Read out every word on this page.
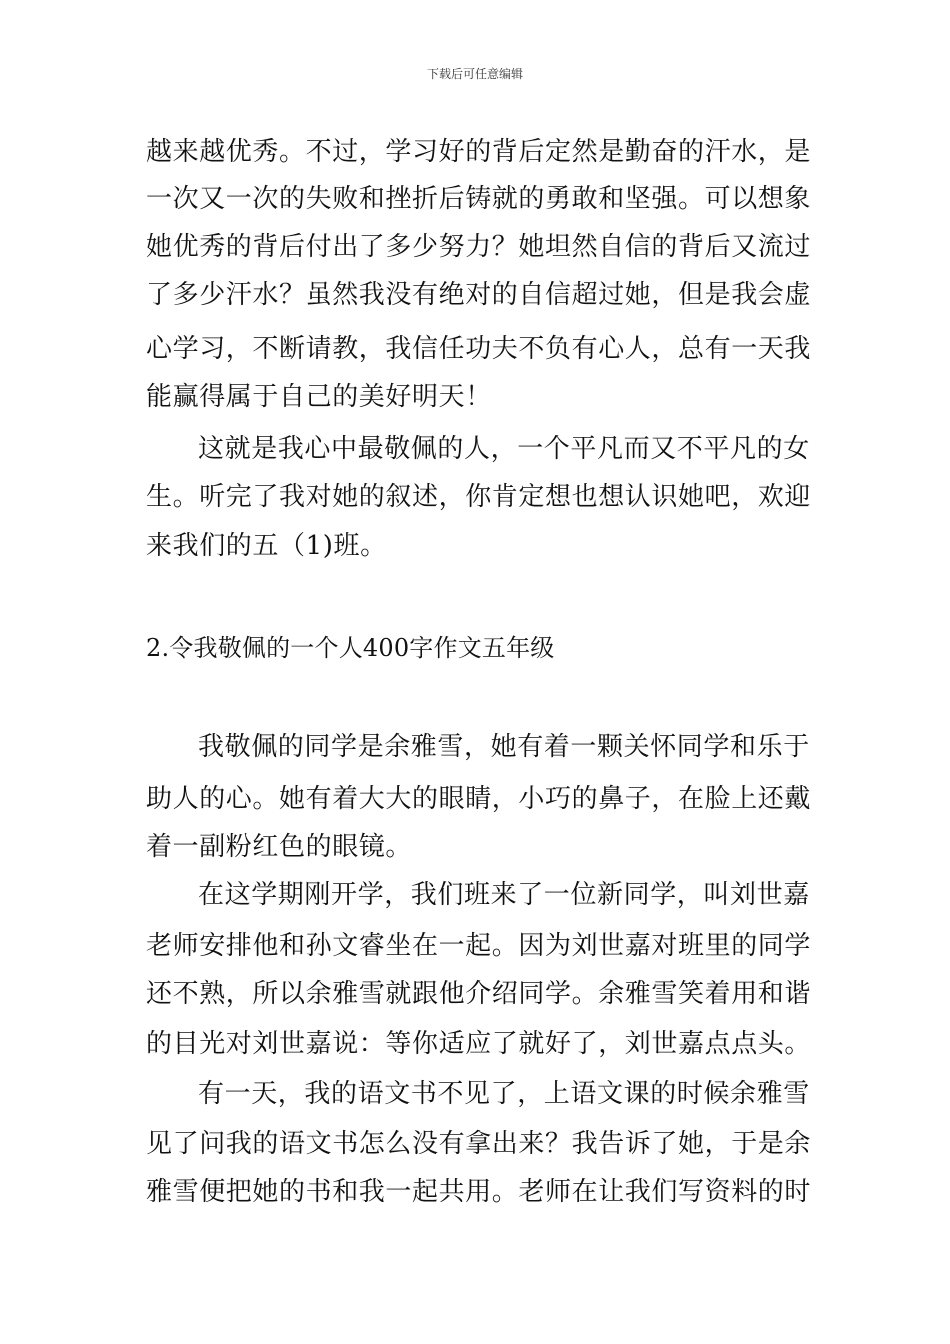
下载后可任意编辑
越来越优秀。不过，学习好的背后定然是勤奋的汗水，是
一次又一次的失败和挫折后铸就的勇敢和坚强。可以想象
她优秀的背后付出了多少努力？她坦然自信的背后又流过
了多少汗水？虽然我没有绝对的自信超过她，但是我会虚
心学习，不断请教，我信任功夫不负有心人，总有一天我
能赢得属于自己的美好明天！
这就是我心中最敬佩的人，一个平凡而又不平凡的女
生。听完了我对她的叙述，你肯定想也想认识她吧，欢迎
来我们的五（1)班。
2.令我敬佩的一个人400字作文五年级
我敬佩的同学是余雅雪，她有着一颗关怀同学和乐于
助人的心。她有着大大的眼睛，小巧的鼻子，在脸上还戴
着一副粉红色的眼镜。
在这学期刚开学，我们班来了一位新同学，叫刘世嘉
老师安排他和孙文睿坐在一起。因为刘世嘉对班里的同学
还不熟，所以余雅雪就跟他介绍同学。余雅雪笑着用和谐
的目光对刘世嘉说：等你适应了就好了，刘世嘉点点头。
有一天，我的语文书不见了，上语文课的时候余雅雪
见了问我的语文书怎么没有拿出来？我告诉了她，于是余
雅雪便把她的书和我一起共用。老师在让我们写资料的时
